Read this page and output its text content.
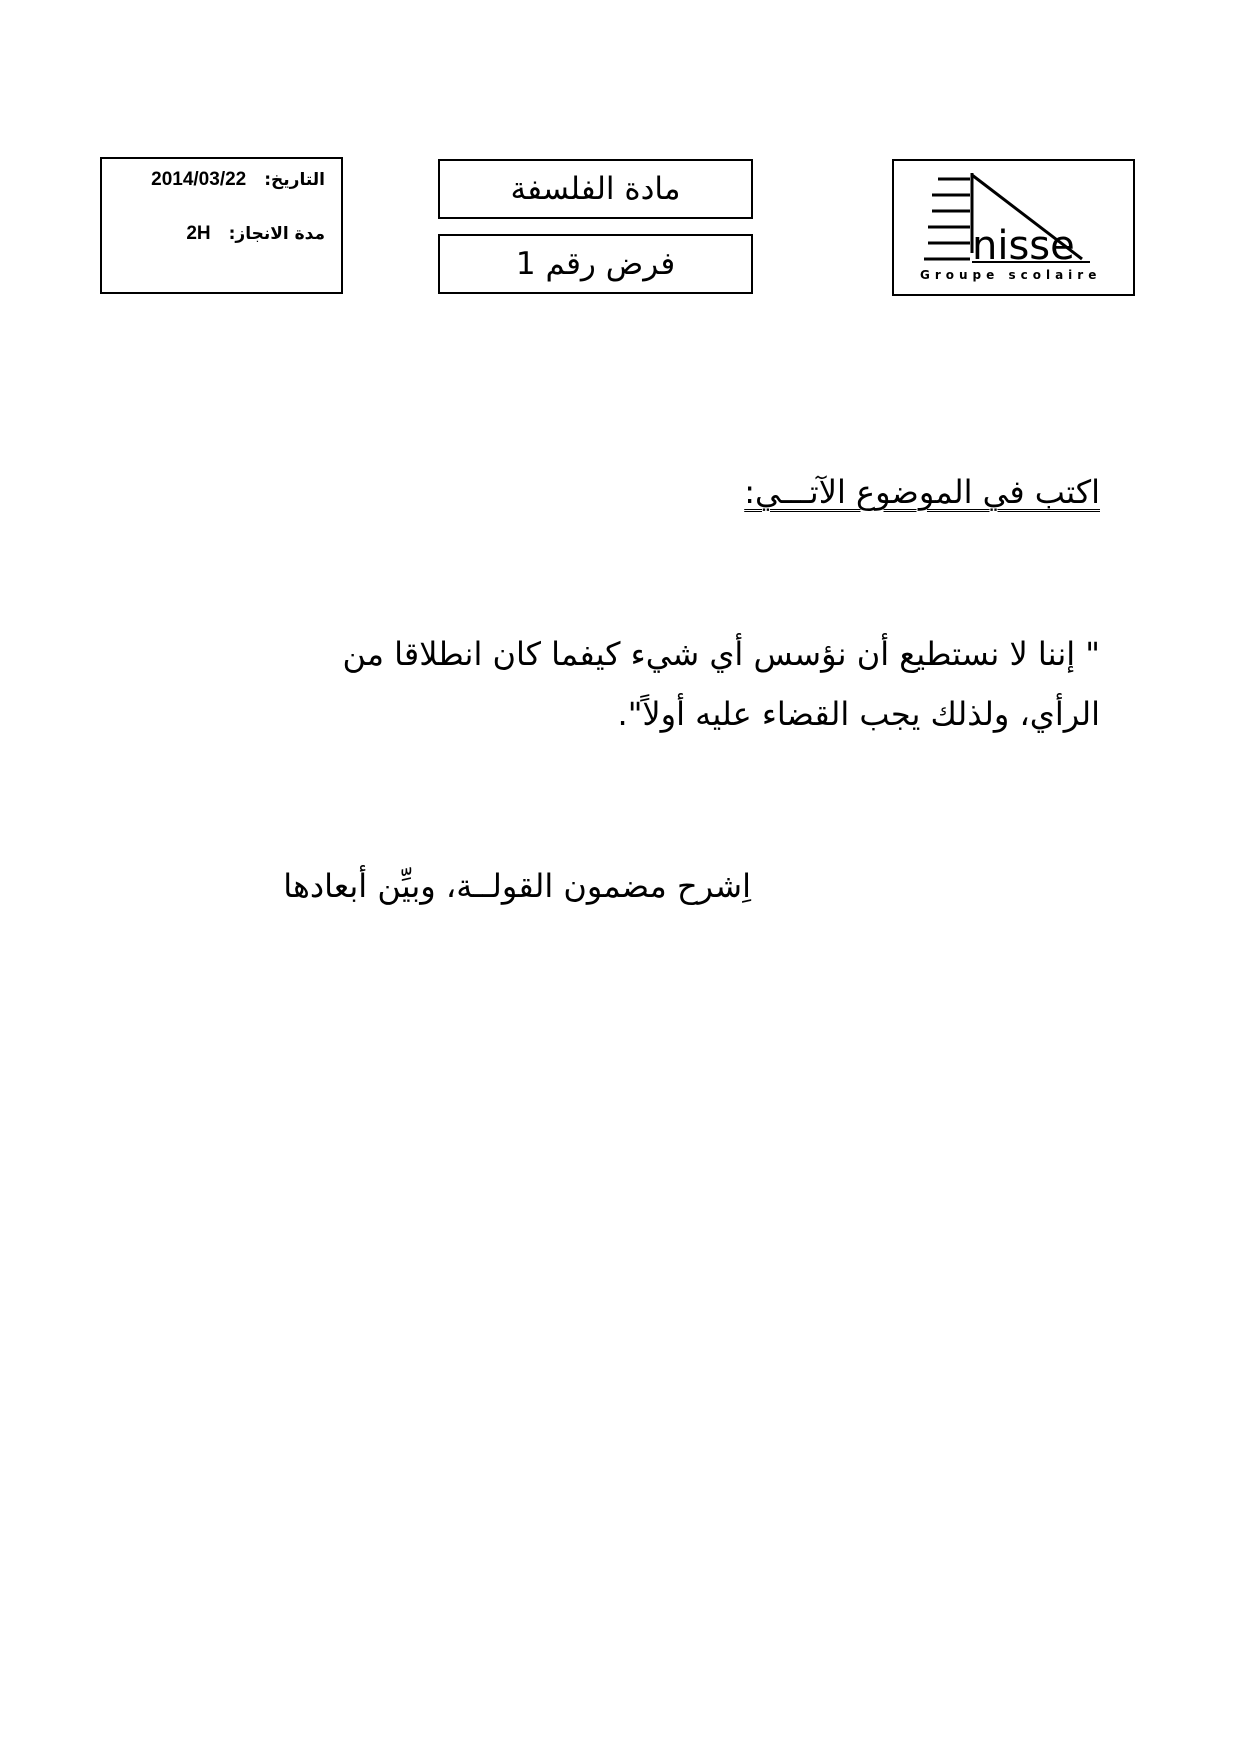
التاريخ:
2014/03/22
مدة الانجاز:
2H
مادة الفلسفة
فرض رقم 1	nisse
Groupe scolaire
اكتب في الموضوع الآتـــي:
" إننا لا نستطيع أن نؤسس أي شيء كيفما كان انطلاقا من
الرأي، ولذلك يجب القضاء عليه أولاً".
اِشرح مضمون القولــة، وبيِّن أبعادها
